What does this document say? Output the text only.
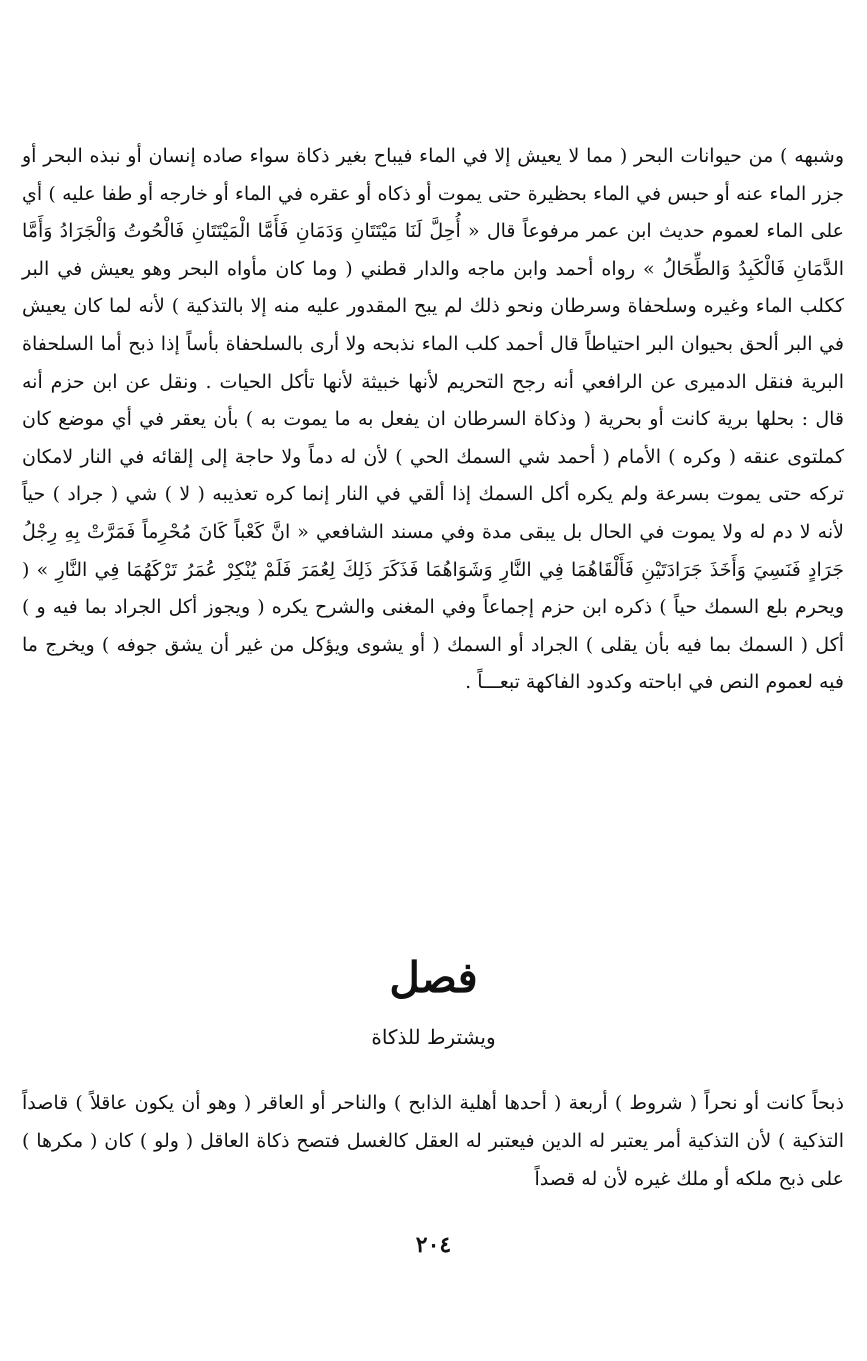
وشبهه ) من حيوانات البحر ( مما لا يعيش إلا في الماء فيباح بغير ذكاة سواء صاده إنسان أو نبذه البحر أو جزر الماء عنه أو حبس في الماء بحظيرة حتى يموت أو ذكاه أو عقره في الماء أو خارجه أو طفا عليه ) أي على الماء لعموم حديث ابن عمر مرفوعاً قال « أُحِلَّ لَنَا مَيْتَتَانِ وَدَمَانِ فَأَمَّا الْمَيْتَتَانِ فَالْحُوتُ وَالْجَرَادُ وَأَمَّا الدَّمَانِ فَالْكَبِدُ وَالطِّحَالُ » رواه أحمد وابن ماجه والدار قطني ( وما كان مأواه البحر وهو يعيش في البر ككلب الماء وغيره وسلحفاة وسرطان ونحو ذلك لم يبح المقدور عليه منه إلا بالتذكية ) لأنه لما كان يعيش في البر ألحق بحيوان البر احتياطاً قال أحمد كلب الماء نذبحه ولا أرى بالسلحفاة بأساً إذا ذبح أما السلحفاة البرية فنقل الدميرى عن الرافعي أنه رجح التحريم لأنها خبيثة لأنها تأكل الحيات . ونقل عن ابن حزم أنه قال : بحلها برية كانت أو بحرية ( وذكاة السرطان ان يفعل به ما يموت به ) بأن يعقر في أي موضع كان كملتوى عنقه ( وكره ) الأمام ( أحمد شي السمك الحي ) لأن له دماً ولا حاجة إلى إلقائه في النار لامكان تركه حتى يموت بسرعة ولم يكره أكل السمك إذا ألقي في النار إنما كره تعذيبه ( لا ) شي ( جراد ) حياً لأنه لا دم له ولا يموت في الحال بل يبقى مدة وفي مسند الشافعي « انَّ كَعْباً كَانَ مُحْرِماً فَمَرَّتْ بِهِ رِجْلُ جَرَادٍ فَنَسِيَ وَأَخَذَ جَرَادَتَيْنِ فَأَلْقَاهُمَا فِي النَّارِ وَشَوَاهُمَا فَذَكَرَ ذَلِكَ لِعُمَرَ فَلَمْ يُنْكِرْ عُمَرُ تَرْكَهُمَا فِي النَّارِ » ( ويحرم بلع السمك حياً ) ذكره ابن حزم إجماعاً وفي المغنى والشرح يكره ( ويجوز أكل الجراد بما فيه و ) أكل ( السمك بما فيه بأن يقلى ) الجراد أو السمك ( أو يشوى ويؤكل من غير أن يشق جوفه ) ويخرج ما فيه لعموم النص في اباحته وكدود الفاكهة تبعـــاً .

فصل
ويشترط للذكاة

ذبحاً كانت أو نحراً ( شروط ) أربعة ( أحدها أهلية الذابح ) والناحر أو العاقر ( وهو أن يكون عاقلاً ) قاصداً التذكية ) لأن التذكية أمر يعتبر له الدين فيعتبر له العقل كالغسل فتصح ذكاة العاقل ( ولو ) كان ( مكرها ) على ذبح ملكه أو ملك غيره لأن له قصداً

٢٠٤
